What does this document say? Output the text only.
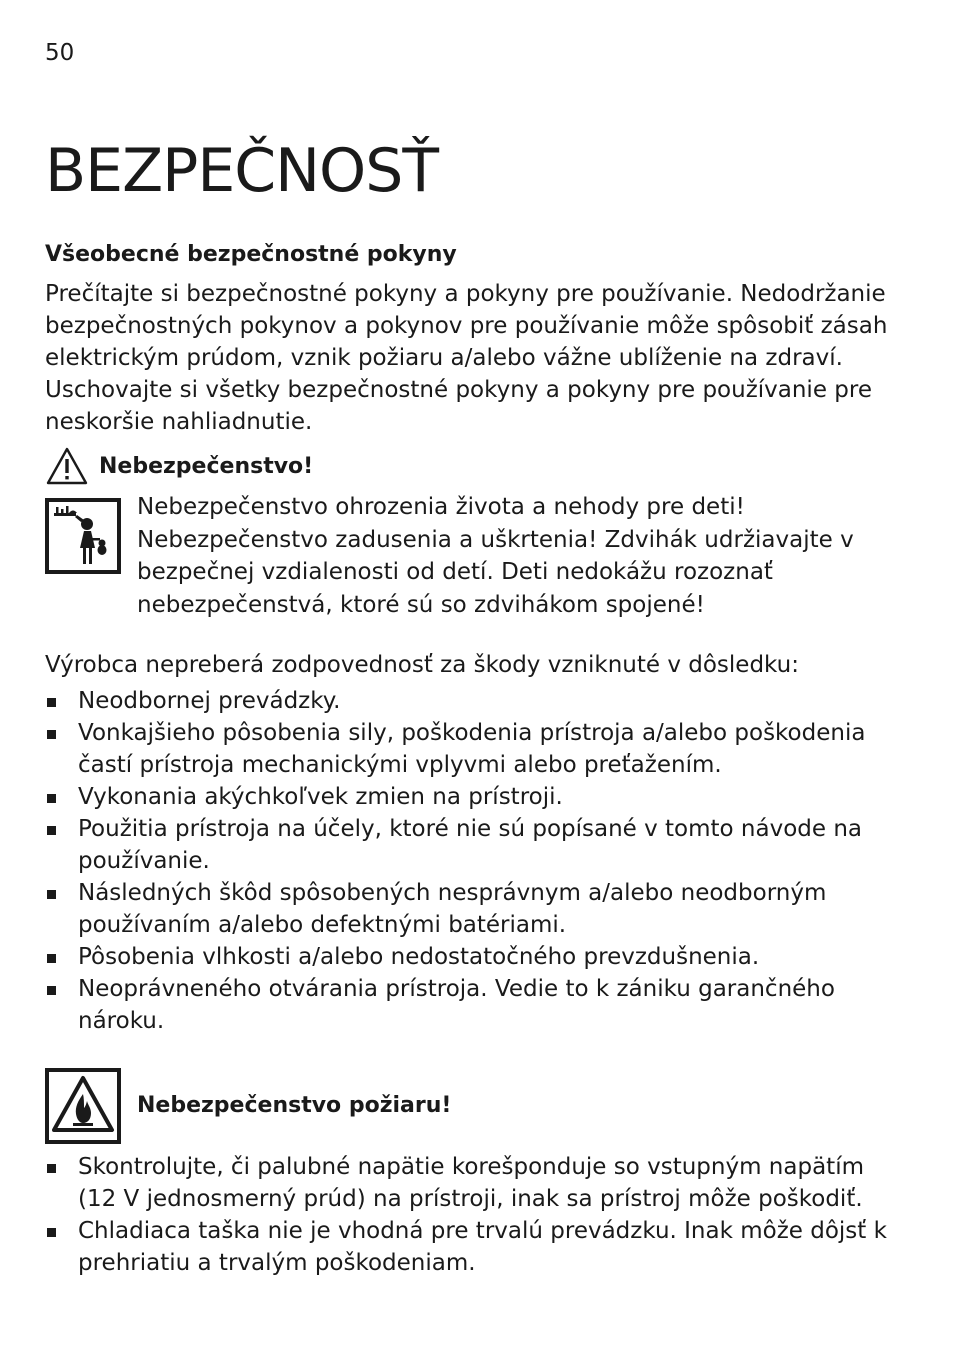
50
BEZPEČNOSŤ
Všeobecné bezpečnostné pokyny
Prečítajte si bezpečnostné pokyny a pokyny pre používanie. Nedodržanie bezpečnostných pokynov a pokynov pre používanie môže spôsobiť zásah elektrickým prúdom, vznik požiaru a/alebo vážne ublíženie na zdraví. Uschovajte si všetky bezpečnostné pokyny a pokyny pre používanie pre neskoršie nahliadnutie.
Nebezpečenstvo!
Nebezpečenstvo ohrozenia života a nehody pre deti! Nebezpečenstvo zadusenia a uškrtenia! Zdvihák udržiavajte v bezpečnej vzdialenosti od detí. Deti nedokážu rozoznať nebezpečenstvá, ktoré sú so zdvihákom spojené!
Výrobca nepreberá zodpovednosť za škody vzniknuté v dôsledku:
Neodbornej prevádzky.
Vonkajšieho pôsobenia sily, poškodenia prístroja a/alebo poškodenia častí prístroja mechanickými vplyvmi alebo preťažením.
Vykonania akýchkoľvek zmien na prístroji.
Použitia prístroja na účely, ktoré nie sú popísané v tomto návode na používanie.
Následných škôd spôsobených nesprávnym a/alebo neodborným používaním a/alebo defektnými batériami.
Pôsobenia vlhkosti a/alebo nedostatočného prevzdušnenia.
Neoprávneného otvárania prístroja. Vedie to k zániku garančného nároku.
Nebezpečenstvo požiaru!
Skontrolujte, či palubné napätie korešponduje so vstupným napätím (12 V jednosmerný prúd) na prístroji, inak sa prístroj môže poškodiť.
Chladiaca taška nie je vhodná pre trvalú prevádzku. Inak môže dôjsť k prehriatiu a trvalým poškodeniam.
